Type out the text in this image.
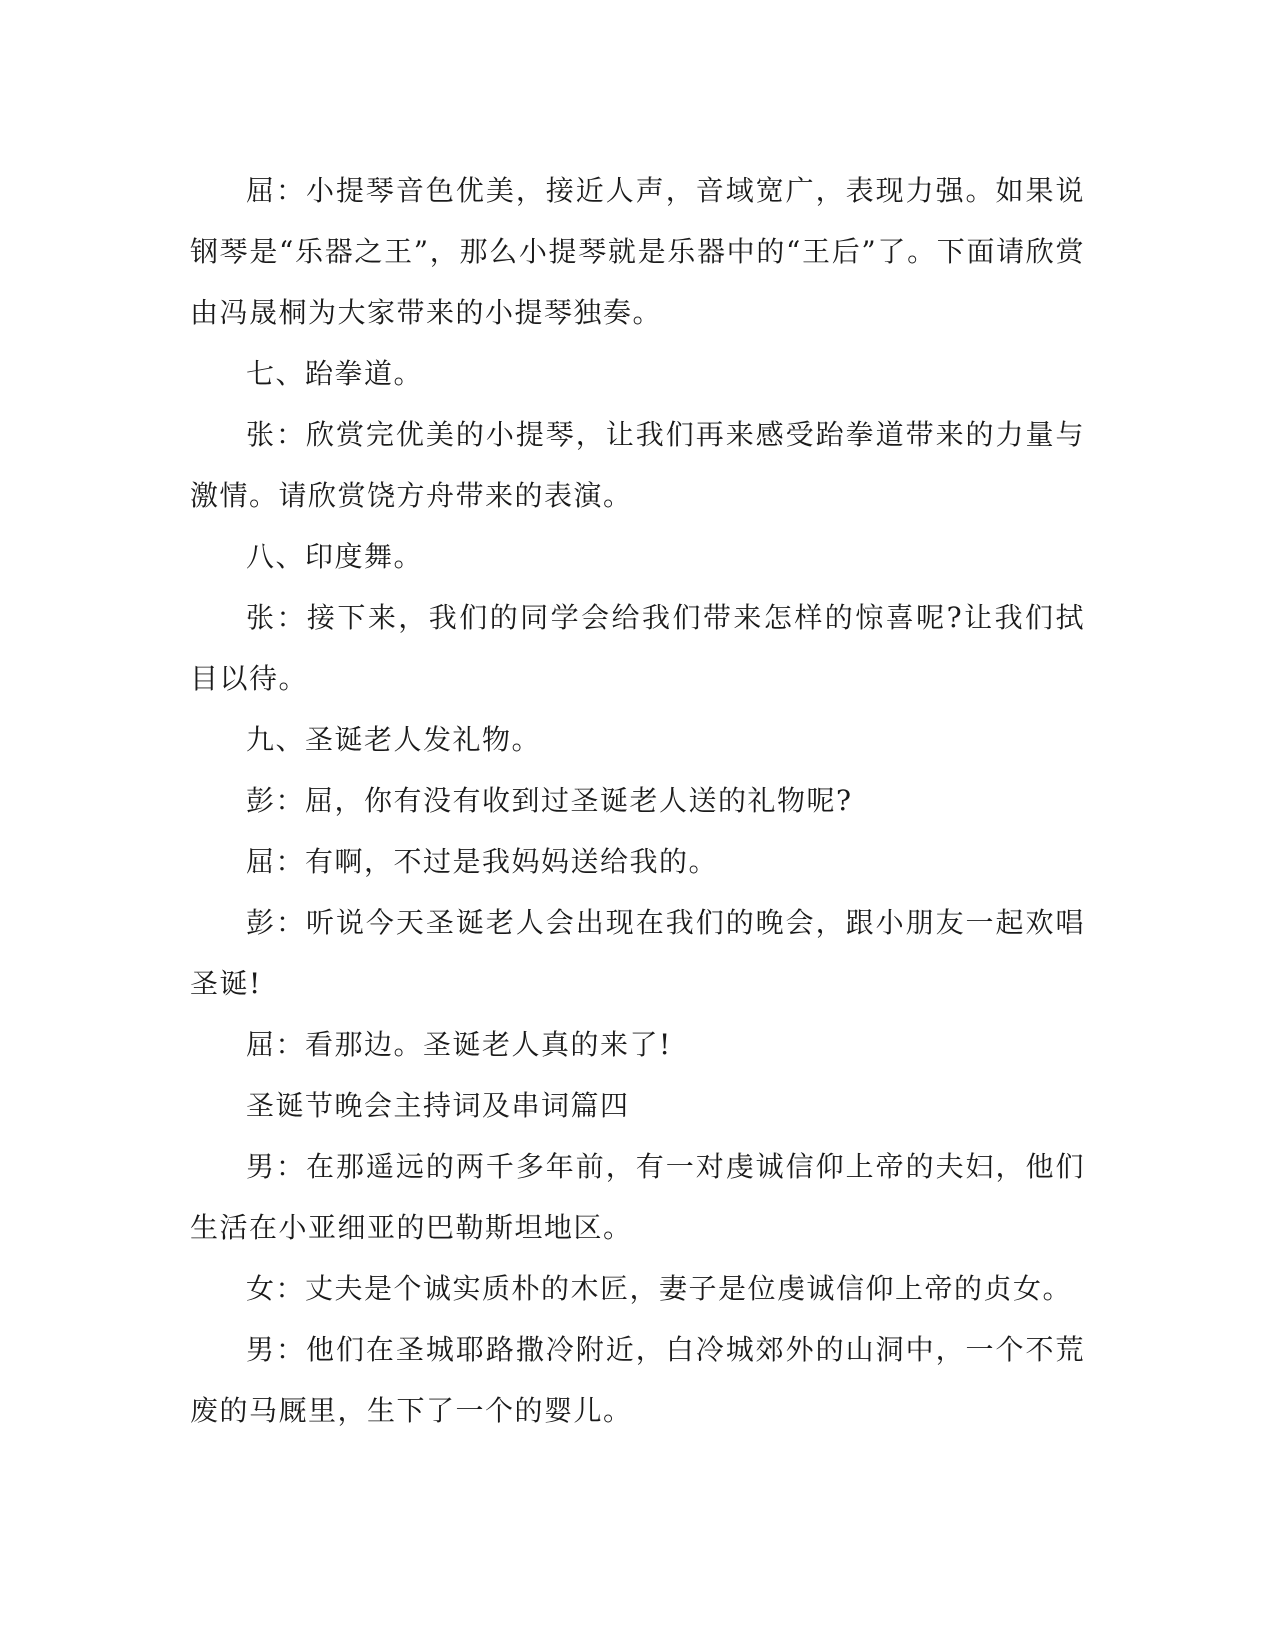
屈：小提琴音色优美，接近人声，音域宽广，表现力强。如果说钢琴是“乐器之王”，那么小提琴就是乐器中的“王后”了。下面请欣赏由冯晟桐为大家带来的小提琴独奏。

七、跆拳道。

张：欣赏完优美的小提琴，让我们再来感受跆拳道带来的力量与激情。请欣赏饶方舟带来的表演。

八、印度舞。

张：接下来，我们的同学会给我们带来怎样的惊喜呢?让我们拭目以待。

九、圣诞老人发礼物。

彭：屈，你有没有收到过圣诞老人送的礼物呢?

屈：有啊，不过是我妈妈送给我的。

彭：听说今天圣诞老人会出现在我们的晚会，跟小朋友一起欢唱圣诞!

屈：看那边。圣诞老人真的来了!

圣诞节晚会主持词及串词篇四

男：在那遥远的两千多年前，有一对虔诚信仰上帝的夫妇，他们生活在小亚细亚的巴勒斯坦地区。

女：丈夫是个诚实质朴的木匠，妻子是位虔诚信仰上帝的贞女。

男：他们在圣城耶路撒冷附近，白冷城郊外的山洞中，一个不荒废的马厩里，生下了一个的婴儿。
